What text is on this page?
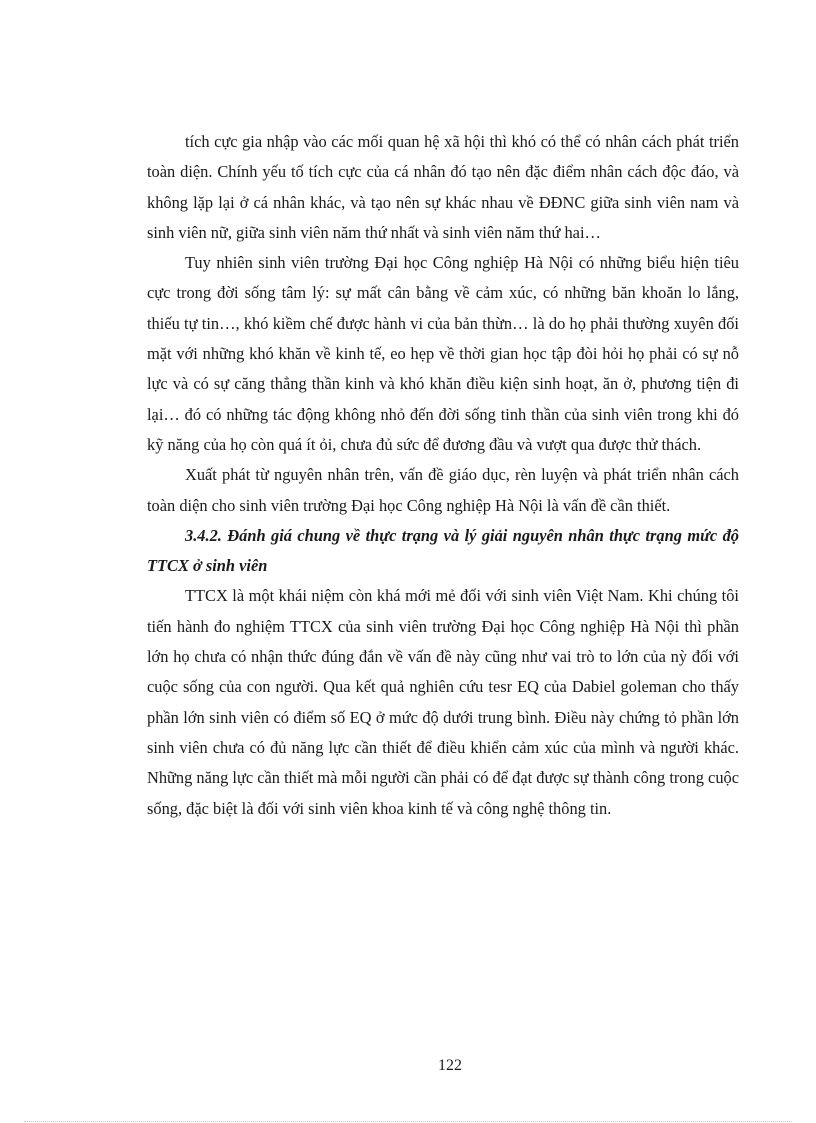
tích cực gia nhập vào các mối quan hệ xã hội thì khó có thể có nhân cách phát triển toàn diện. Chính yếu tố tích cực của cá nhân đó tạo nên đặc điểm nhân cách độc đáo, và không lặp lại ở cá nhân khác, và tạo nên sự khác nhau về ĐĐNC giữa sinh viên nam và sinh viên nữ, giữa sinh viên năm thứ nhất và sinh viên năm thứ hai…

Tuy nhiên sinh viên trường Đại học Công nghiệp Hà Nội có những biểu hiện tiêu cực trong đời sống tâm lý: sự mất cân bằng về cảm xúc, có những băn khoăn lo lắng, thiếu tự tin…, khó kiềm chế được hành vi của bản thừn… là do họ phải thường xuyên đối mặt với những khó khăn về kinh tế, eo hẹp về thời gian học tập đòi hỏi họ phải có sự nỗ lực và có sự căng thẳng thần kinh và khó khăn điều kiện sinh hoạt, ăn ở, phương tiện đi lại… đó có những tác động không nhỏ đến đời sống tinh thần của sinh viên trong khi đó kỹ năng của họ còn quá ít ỏi, chưa đủ sức để đương đầu và vượt qua được thử thách.

Xuất phát từ nguyên nhân trên, vấn đề giáo dục, rèn luyện và phát triển nhân cách toàn diện cho sinh viên trường Đại học Công nghiệp Hà Nội là vấn đề cần thiết.

3.4.2. Đánh giá chung về thực trạng và lý giải nguyên nhân thực trạng mức độ TTCX ở sinh viên

TTCX là một khái niệm còn khá mới mẻ đối với sinh viên Việt Nam. Khi chúng tôi tiến hành đo nghiệm TTCX của sinh viên trường Đại học Công nghiệp Hà Nội thì phần lớn họ chưa có nhận thức đúng đắn về vấn đề này cũng như vai trò to lớn của nỳ đối với cuộc sống của con người. Qua kết quả nghiên cứu tesr EQ của Dabiel goleman cho thấy phần lớn sinh viên có điểm số EQ ở mức độ dưới trung bình. Điều này chứng tỏ phần lớn sinh viên chưa có đủ năng lực cần thiết để điều khiển cảm xúc của mình và người khác. Những năng lực cần thiết mà mỗi người cần phải có để đạt được sự thành công trong cuộc sống, đặc biệt là đối với sinh viên khoa kinh tế và công nghệ thông tin.

122
